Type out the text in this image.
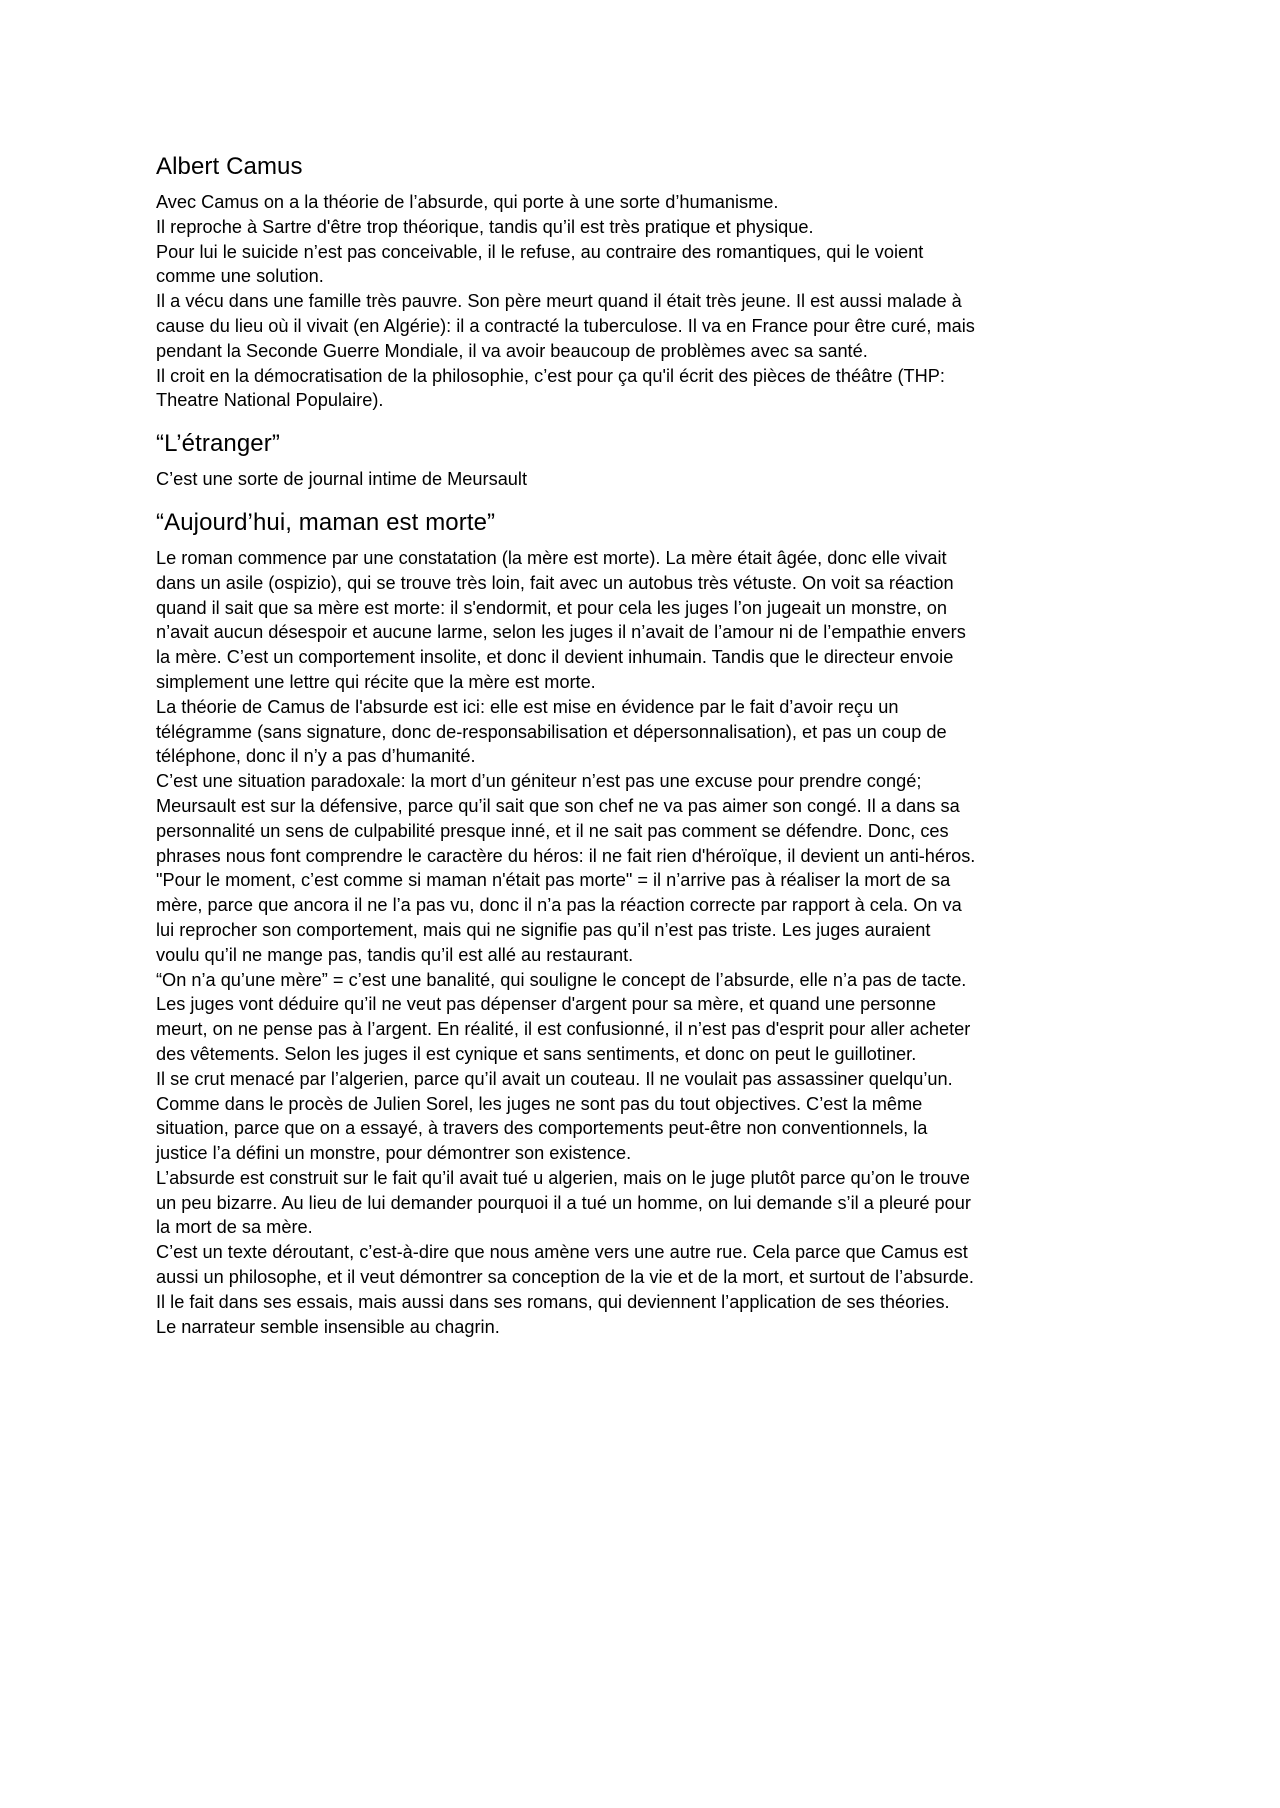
Albert Camus

Avec Camus on a la théorie de l’absurde, qui porte à une sorte d’humanisme.

Il reproche à Sartre d'être trop théorique, tandis qu’il est très pratique et physique.

Pour lui le suicide n’est pas conceivable, il le refuse, au contraire des romantiques, qui le voient

comme une solution.

Il a vécu dans une famille très pauvre. Son père meurt quand il était très jeune. Il est aussi malade à

cause du lieu où il vivait (en Algérie): il a contracté la tuberculose. Il va en France pour être curé, mais

pendant la Seconde Guerre Mondiale, il va avoir beaucoup de problèmes avec sa santé.

Il croit en la démocratisation de la philosophie, c’est pour ça qu'il écrit des pièces de théâtre (THP:

Theatre National Populaire).

“L’étranger”

C’est une sorte de journal intime de Meursault

“Aujourd’hui, maman est morte”

Le roman commence par une constatation (la mère est morte). La mère était âgée, donc elle vivait

dans un asile (ospizio), qui se trouve très loin, fait avec un autobus très vétuste. On voit sa réaction

quand il sait que sa mère est morte: il s'endormit, et pour cela les juges l’on jugeait un monstre, on

n’avait aucun désespoir et aucune larme, selon les juges il n’avait de l’amour ni de l’empathie envers

la mère. C’est un comportement insolite, et donc il devient inhumain. Tandis que le directeur envoie

simplement une lettre qui récite que la mère est morte.

La théorie de Camus de l'absurde est ici: elle est mise en évidence par le fait d’avoir reçu un

télégramme (sans signature, donc de-responsabilisation et dépersonnalisation), et pas un coup de

téléphone, donc il n’y a pas d’humanité.

C’est une situation paradoxale: la mort d’un géniteur n’est pas une excuse pour prendre congé;

Meursault est sur la défensive, parce qu’il sait que son chef ne va pas aimer son congé. Il a dans sa

personnalité un sens de culpabilité presque inné, et il ne sait pas comment se défendre. Donc, ces

phrases nous font comprendre le caractère du héros: il ne fait rien d'héroïque, il devient un anti-héros.

"Pour le moment, c’est comme si maman n'était pas morte" = il n’arrive pas à réaliser la mort de sa

mère, parce que ancora il ne l’a pas vu, donc il n’a pas la réaction correcte par rapport à cela. On va

lui reprocher son comportement, mais qui ne signifie pas qu’il n’est pas triste. Les juges auraient

voulu qu’il ne mange pas, tandis qu’il est allé au restaurant.

“On n’a qu’une mère” = c’est une banalité, qui souligne le concept de l’absurde, elle n’a pas de tacte.

Les juges vont déduire qu’il ne veut pas dépenser d'argent pour sa mère, et quand une personne

meurt, on ne pense pas à l’argent. En réalité, il est confusionné, il n’est pas d'esprit pour aller acheter

des vêtements. Selon les juges il est cynique et sans sentiments, et donc on peut le guillotiner.

Il se crut menacé par l’algerien, parce qu’il avait un couteau. Il ne voulait pas assassiner quelqu’un.

Comme dans le procès de Julien Sorel, les juges ne sont pas du tout objectives. C’est la même

situation, parce que on a essayé, à travers des comportements peut-être non conventionnels, la

justice l’a défini un monstre, pour démontrer son existence.

L’absurde est construit sur le fait qu’il avait tué u algerien, mais on le juge plutôt parce qu’on le trouve

un peu bizarre. Au lieu de lui demander pourquoi il a tué un homme, on lui demande s’il a pleuré pour

la mort de sa mère.

C’est un texte déroutant, c’est-à-dire que nous amène vers une autre rue. Cela parce que Camus est

aussi un philosophe, et il veut démontrer sa conception de la vie et de la mort, et surtout de l’absurde.

Il le fait dans ses essais, mais aussi dans ses romans, qui deviennent l’application de ses théories.

Le narrateur semble insensible au chagrin.
